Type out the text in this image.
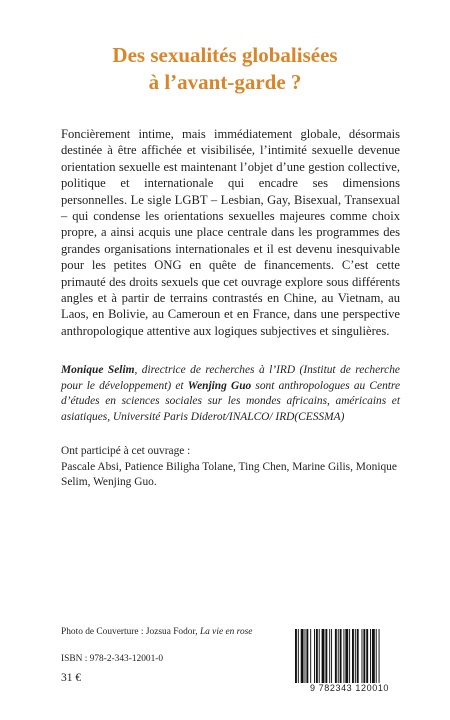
Des sexualités globalisées
à l’avant-garde ?
Foncièrement intime, mais immédiatement globale, désormais destinée à être affichée et visibilisée, l’intimité sexuelle devenue orientation sexuelle est maintenant l’objet d’une gestion collective, politique et internationale qui encadre ses dimensions personnelles. Le sigle LGBT – Lesbian, Gay, Bisexual, Transexual – qui condense les orientations sexuelles majeures comme choix propre, a ainsi acquis une place centrale dans les programmes des grandes organisations internationales et il est devenu inesquivable pour les petites ONG en quête de financements. C’est cette primauté des droits sexuels que cet ouvrage explore sous différents angles et à partir de terrains contrastés en Chine, au Vietnam, au Laos, en Bolivie, au Cameroun et en France, dans une perspective anthropologique attentive aux logiques subjectives et singulières.
Monique Selim, directrice de recherches à l’IRD (Institut de recherche pour le développement) et Wenjing Guo sont anthropologues au Centre d’études en sciences sociales sur les mondes africains, américains et asiatiques, Université Paris Diderot/INALCO/ IRD(CESSMA)
Ont participé à cet ouvrage :
Pascale Absi, Patience Biligha Tolane, Ting Chen, Marine Gilis, Monique Selim, Wenjing Guo.
Photo de Couverture : Jozsua Fodor, La vie en rose
ISBN : 978-2-343-12001-0
31 €
9 782343 120010
